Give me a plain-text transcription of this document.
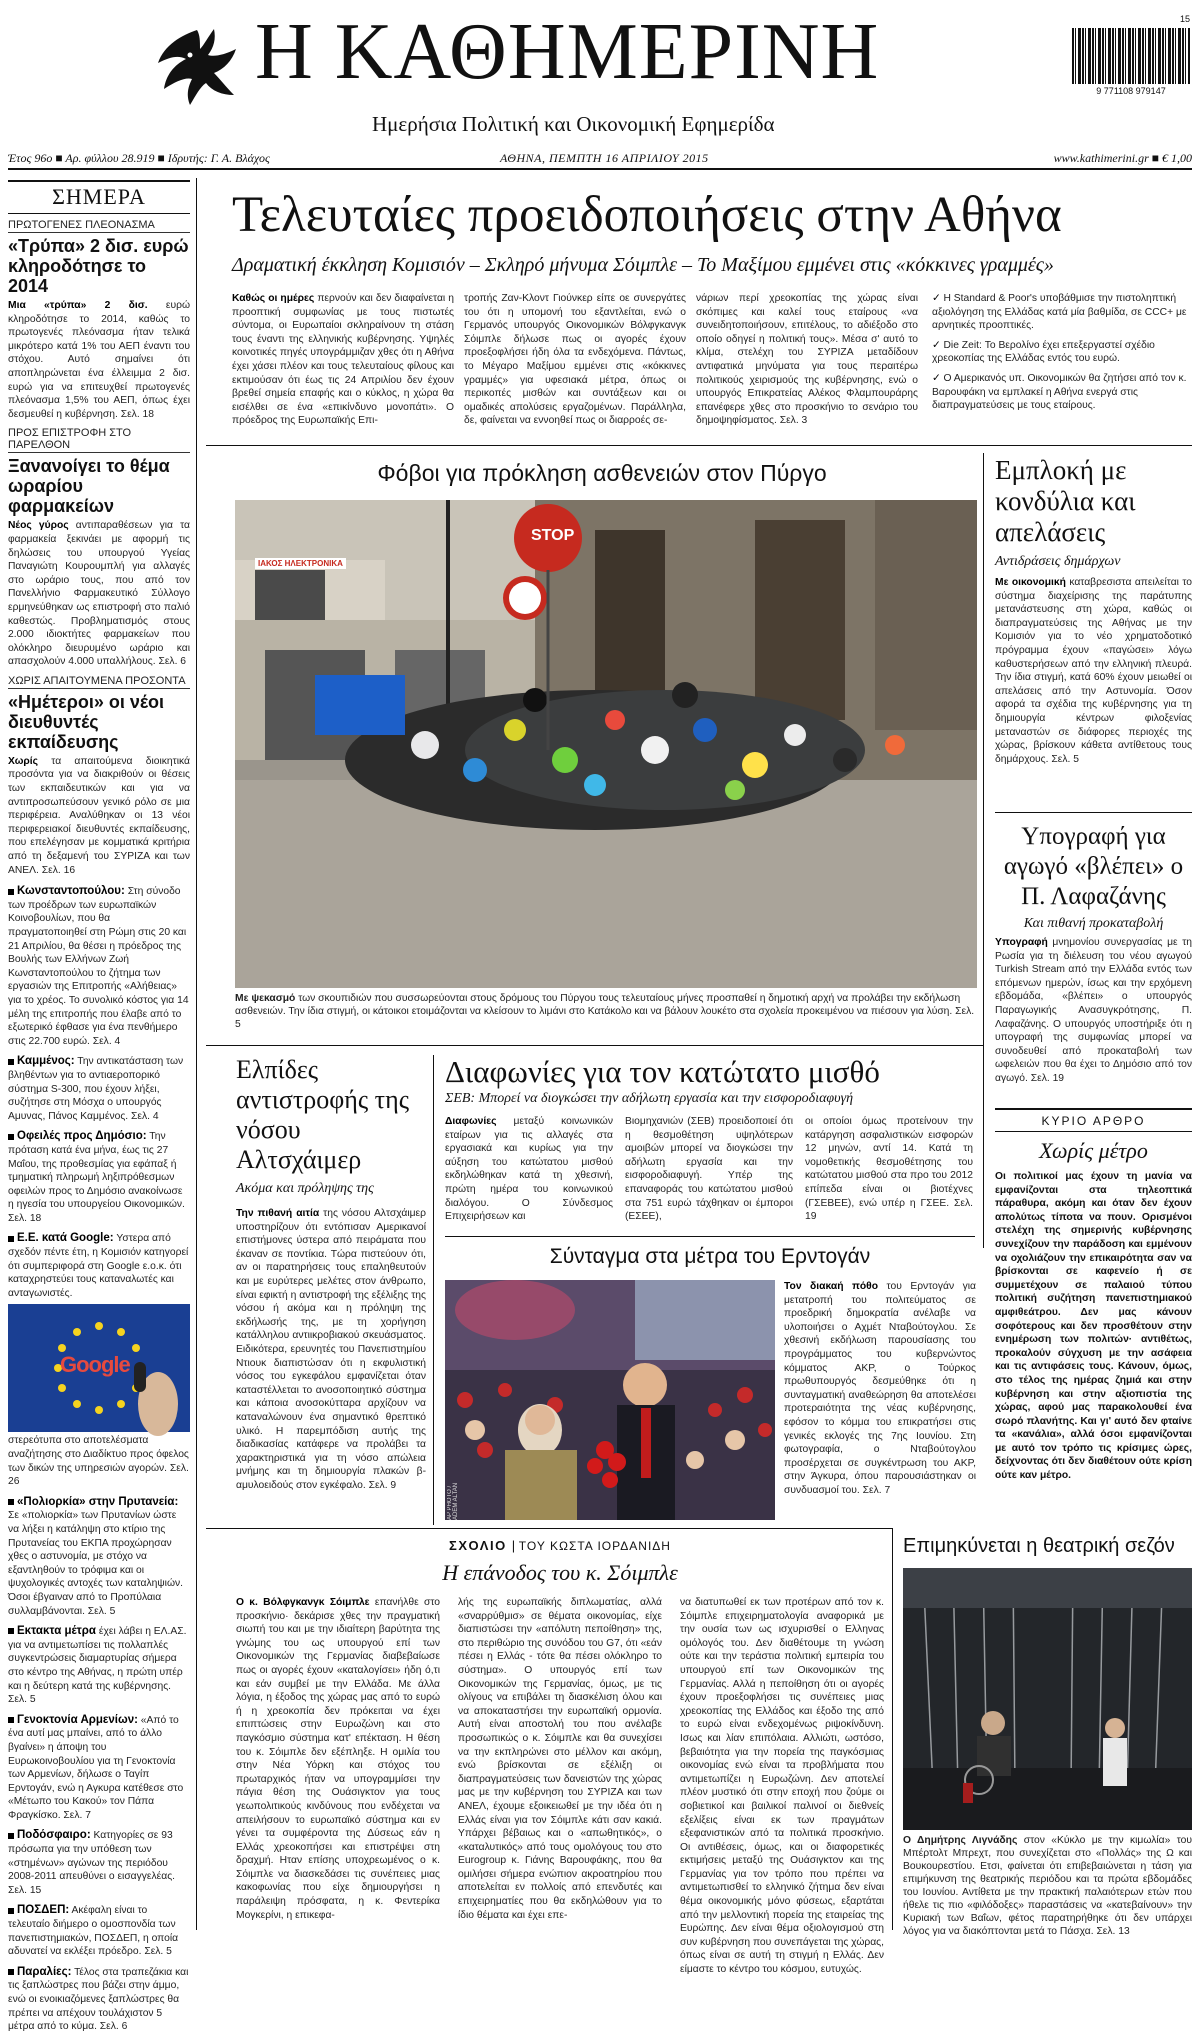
Η ΚΑΘΗΜΕΡΙΝΗ
Ημερήσια Πολιτική και Οικονομική Εφημερίδα
15
9 771108 979147
Έτος 96ο ■ Αρ. φύλλου 28.919 ■ Ιδρυτής: Γ. Α. Βλάχος	ΑΘΗΝΑ, ΠΕΜΠΤΗ 16 ΑΠΡΙΛΙΟΥ 2015	www.kathimerini.gr ■ € 1,00
ΣΗΜΕΡΑ
ΠΡΩΤΟΓΕΝΕΣ ΠΛΕΟΝΑΣΜΑ
«Τρύπα» 2 δισ. ευρώ κληροδότησε το 2014
Μια «τρύπα» 2 δισ. ευρώ κληροδότησε το 2014, καθώς το πρωτογενές πλεόνασμα ήταν τελικά μικρότερο κατά 1% του ΑΕΠ έναντι του στόχου. Αυτό σημαίνει ότι αποπληρώνεται ένα έλλειμμα 2 δισ. ευρώ για να επιτευχθεί πρωτογενές πλεόνασμα 1,5% του ΑΕΠ, όπως έχει δεσμευθεί η κυβέρνηση. Σελ. 18
ΠΡΟΣ ΕΠΙΣΤΡΟΦΗ ΣΤΟ ΠΑΡΕΛΘΟΝ
Ξανανοίγει το θέμα ωραρίου φαρμακείων
Νέος γύρος αντιπαραθέσεων για τα φαρμακεία ξεκινάει με αφορμή τις δηλώσεις του υπουργού Υγείας Παναγιώτη Κουρουμπλή για αλλαγές στο ωράριο τους, που από τον Πανελλήνιο Φαρμακευτικό Σύλλογο ερμηνεύθηκαν ως επιστροφή στο παλιό καθεστώς. Προβληματισμός στους 2.000 ιδιοκτήτες φαρμακείων που ολόκληρο διευρυμένο ωράριο και απασχολούν 4.000 υπαλλήλους. Σελ. 6
ΧΩΡΙΣ ΑΠΑΙΤΟΥΜΕΝΑ ΠΡΟΣΟΝΤΑ
«Ημέτεροι» οι νέοι διευθυντές εκπαίδευσης
Χωρίς τα απαιτούμενα διοικητικά προσόντα για να διακριθούν οι θέσεις των εκπαιδευτικών και για να αντιπροσωπεύσουν γενικό ρόλο σε μια περιφέρεια. Αναλύθηκαν οι 13 νέοι περιφερειακοί διευθυντές εκπαίδευσης, που επελέγησαν με κομματικά κριτήρια από τη δεξαμενή του ΣΥΡΙΖΑ και των ΑΝΕΛ. Σελ. 16
Κωνσταντοπούλου: Στη σύνοδο των προέδρων των ευρωπαϊκών Κοινοβουλίων, που θα πραγματοποιηθεί στη Ρώμη στις 20 και 21 Απριλίου, θα θέσει η πρόεδρος της Βουλής των Ελλήνων Ζωή Κωνσταντοπούλου το ζήτημα των εργασιών της Επιτροπής «Αλήθειας» για το χρέος. Το συνολικό κόστος για 14 μέλη της επιτροπής που έλαβε από το εξωτερικό έφθασε για ένα πενθήμερο στις 22.700 ευρώ. Σελ. 4
Καμμένος: Την αντικατάσταση των βληθέντων για το αντιαεροπορικό σύστημα S-300, που έχουν λήξει, συζήτησε στη Μόσχα ο υπουργός Αμυνας, Πάνος Καμμένος. Σελ. 4
Οφειλές προς Δημόσιο: Την πρόταση κατά ένα μήνα, έως τις 27 Μαΐου, της προθεσμίας για εφάπαξ ή τμηματική πληρωμή ληξιπρόθεσμων οφειλών προς το Δημόσιο ανακοίνωσε η ηγεσία του υπουργείου Οικονομικών. Σελ. 18
Ε.Ε. κατά Google: Υστερα από σχεδόν πέντε έτη, η Κομισιόν κατηγορεί ότι συμπεριφορά στη Google ε.ο.κ. ότι καταχρηστεύει τους καταναλωτές και ανταγωνιστές.
Google
στερεότυπα στο αποτελέσματα αναζήτησης στο Διαδίκτυο προς όφελος των δικών της υπηρεσιών αγορών. Σελ. 26
«Πολιορκία» στην Πρυτανεία: Σε «πολιορκία» των Πρυτανίων ώστε να λήξει η κατάληψη στο κτίριο της Πρυτανείας του ΕΚΠΑ προχώρησαν χθες ο αστυνομία, με στόχο να εξαντληθούν το τρόφιμα και οι ψυχολογικές αντοχές των καταληψιών. Όσοι έβγαιναν από το Προπύλαια συλλαμβάνονται. Σελ. 5
Εκτακτα μέτρα έχει λάβει η ΕΛ.ΑΣ. για να αντιμετωπίσει τις πολλαπλές συγκεντρώσεις διαμαρτυρίας σήμερα στο κέντρο της Αθήνας, η πρώτη υπέρ και η δεύτερη κατά της κυβέρνησης. Σελ. 5
Γενοκτονία Αρμενίων: «Από το ένα αυτί μας μπαίνει, από το άλλο βγαίνει» η άποψη του Ευρωκοινοβουλίου για τη Γενοκτονία των Αρμενίων, δήλωσε ο Ταγίπ Ερντογάν, ενώ η Αγκυρα κατέθεσε στο «Μέτωπο του Κακού» τον Πάπα Φραγκίσκο. Σελ. 7
Ποδόσφαιρο: Κατηγορίες σε 93 πρόσωπα για την υπόθεση των «στημένων» αγώνων της περιόδου 2008-2011 απευθύνει ο εισαγγελέας. Σελ. 15
ΠΟΣΔΕΠ: Ακέφαλη είναι το τελευταίο διήμερο ο ομοσπονδία των πανεπιστημιακών, ΠΟΣΔΕΠ, η οποία αδυνατεί να εκλέξει πρόεδρο. Σελ. 5
Παραλίες: Τέλος στα τραπεζάκια και τις ξαπλώστρες που βάζει στην άμμο, ενώ οι ενοικιαζόμενες ξαπλώστρες θα πρέπει να απέχουν τουλάχιστον 5 μέτρα από το κύμα. Σελ. 6
Τελευταίες προειδοποιήσεις στην Αθήνα
Δραματική έκκληση Κομισιόν – Σκληρό μήνυμα Σόιμπλε – Το Μαξίμου εμμένει στις «κόκκινες γραμμές»
Καθώς οι ημέρες περνούν και δεν διαφαίνεται η προοπτική συμφωνίας με τους πιστωτές σύντομα, οι Ευρωπαίοι σκληραίνουν τη στάση τους έναντι της ελληνικής κυβέρνησης. Υψηλές κοινοτικές πηγές υπογράμμιζαν χθες ότι η Αθήνα έχει χάσει πλέον και τους τελευταίους φίλους και εκτιμούσαν ότι έως τις 24 Απριλίου δεν έχουν βρεθεί σημεία επαφής και ο κύκλος, η χώρα θα εισέλθει σε ένα «επικίνδυνο μονοπάτι». Ο πρόεδρος της Ευρωπαϊκής Επι-
τροπής Ζαν-Κλοντ Γιούνκερ είπε οε συνεργάτες του ότι η υπομονή του εξαντλείται, ενώ ο Γερμανός υπουργός Οικονομικών Βόλφγκανγκ Σόιμπλε δήλωσε πως οι αγορές έχουν προεξοφλήσει ήδη όλα τα ενδεχόμενα. Πάντως, το Μέγαρο Μαξίμου εμμένει στις «κόκκινες γραμμές» για υφεσιακά μέτρα, όπως οι περικοπές μισθών και συντάξεων και οι ομαδικές απολύσεις εργαζομένων. Παράλληλα, δε, φαίνεται να εννοηθεί πως οι διαρροές σε-
νάριων περί χρεοκοπίας της χώρας είναι σκόπιμες και καλεί τους εταίρους «να συνειδητοποιήσουν, επιτέλους, το αδιέξοδο στο οποίο οδηγεί η πολιτική τους». Μέσα σ' αυτό το κλίμα, στελέχη του ΣΥΡΙΖΑ μεταδίδουν αντιφατικά μηνύματα για τους περαιτέρω πολιτικούς χειρισμούς της κυβέρνησης, ενώ ο υπουργός Επικρατείας Αλέκος Φλαμπουράρης επανέφερε χθες στο προσκήνιο το σενάριο του δημοψηφίσματος. Σελ. 3
✓ Η Standard & Poor's υποβάθμισε την πιστοληπτική αξιολόγηση της Ελλάδας κατά μία βαθμίδα, σε CCC+ με αρνητικές προοπτικές.
✓ Die Zeit: Το Βερολίνο έχει επεξεργαστεί σχέδιο χρεοκοπίας της Ελλάδας εντός του ευρώ.
✓ Ο Αμερικανός υπ. Οικονομικών θα ζητήσει από τον κ. Βαρουφάκη να εμπλακεί η Αθήνα ενεργά στις διαπραγματεύσεις με τους εταίρους.
Φόβοι για πρόκληση ασθενειών στον Πύργο
STOP
ΙΑΚΟΣ ΗΛΕΚΤΡΟΝΙΚΑ
Με ψεκασμό των σκουπιδιών που συσσωρεύονται στους δρόμους του Πύργου τους τελευταίους μήνες προσπαθεί η δημοτική αρχή να προλάβει την εκδήλωση ασθενειών. Την ίδια στιγμή, οι κάτοικοι ετοιμάζονται να κλείσουν το λιμάνι στο Κατάκολο και να βάλουν λουκέτο στα σχολεία προκειμένου να πιέσουν για λύση. Σελ. 5
Εμπλοκή με κονδύλια και απελάσεις
Αντιδράσεις δημάρχων
Με οικονομική καταβρεσιστα απειλείται το σύστημα διαχείρισης της παράτυπης μετανάστευσης στη χώρα, καθώς οι διαπραγματεύσεις της Αθήνας με την Κομισιόν για το νέο χρηματοδοτικό πρόγραμμα έχουν «παγώσει» λόγω καθυστερήσεων από την ελληνική πλευρά. Την ίδια στιγμή, κατά 60% έχουν μειωθεί οι απελάσεις από την Αστυνομία. Όσον αφορά τα σχέδια της κυβέρνησης για τη δημιουργία κέντρων φιλοξενίας μεταναστών σε διάφορες περιοχές της χώρας, βρίσκουν κάθετα αντίθετους τους δημάρχους. Σελ. 5
Υπογραφή για αγωγό «βλέπει» ο Π. Λαφαζάνης
Και πιθανή προκαταβολή
Υπογραφή μνημονίου συνεργασίας με τη Ρωσία για τη διέλευση του νέου αγωγού Turkish Stream από την Ελλάδα εντός των επόμενων ημερών, ίσως και την ερχόμενη εβδομάδα, «βλέπει» ο υπουργός Παραγωγικής Ανασυγκρότησης, Π. Λαφαζάνης. Ο υπουργός υποστήριξε ότι η υπογραφή της συμφωνίας μπορεί να συνοδευθεί από προκαταβολή των ωφελειών που θα έχει το Δημόσιο από τον αγωγό. Σελ. 19
ΚΥΡΙΟ ΑΡΘΡΟ
Χωρίς μέτρο
Οι πολιτικοί μας έχουν τη μανία να εμφανίζονται στα τηλεοπτικά πάραθυρα, ακόμη και όταν δεν έχουν απολύτως τίποτα να πουν. Ορισμένοι στελέχη της σημερινής κυβέρνησης συνεχίζουν την παράδοση και εμμένουν να οχολιάζουν την επικαιρότητα σαν να βρίσκονται σε καφενείο ή σε συμμετέχουν σε παλαιού τύπου πολιτική συζήτηση πανεπιστημιακού αμφιθεάτρου. Δεν μας κάνουν σοφότερους και δεν προσθέτουν στην ενημέρωση των πολιτών· αντιθέτως, προκαλούν σύγχυση με την ασάφεια και τις αντιφάσεις τους. Κάνουν, όμως, στο τέλος της ημέρας ζημιά και στην κυβέρνηση και στην αξιοπιστία της χώρας, αφού μας παρακολουθεί ένα σωρό πλανήτης. Και γι' αυτό δεν φταίνε τα «κανάλια», αλλά όσοι εμφανίζονται με αυτό τον τρόπο τις κρίσιμες ώρες, δείχνοντας ότι δεν διαθέτουν ούτε κρίση ούτε καν μέτρο.
Ελπίδες αντιστροφής της νόσου Αλτσχάιμερ
Ακόμα και πρόληψης της
Την πιθανή αιτία της νόσου Αλτσχάιμερ υποστηρίζουν ότι εντόπισαν Αμερικανοί επιστήμονες ύστερα από πειράματα που έκαναν σε ποντίκια. Τώρα πιστεύουν ότι, αν οι παρατηρήσεις τους επαληθευτούν και με ευρύτερες μελέτες στον άνθρωπο, είναι εφικτή η αντιστροφή της εξέλιξης της νόσου ή ακόμα και η πρόληψη της εκδήλωσής της, με τη χορήγηση κατάλληλου αντιικροβιακού σκευάσματος. Ειδικότερα, ερευνητές του Πανεπιστημίου Ντιουκ διαπιστώσαν ότι η εκφυλιστική νόσος του εγκεφάλου εμφανίζεται όταν καταστέλλεται το ανοσοποιητικό σύστημα και κάποια ανοσοκύτταρα αρχίζουν να καταναλώνουν ένα σημαντικό θρεπτικό υλικό. Η παρεμπόδιση αυτής της διαδικασίας κατάφερε να προλάβει τα χαρακτηριστικά για τη νόσο απώλεια μνήμης και τη δημιουργία πλακών β-αμυλοειδούς στον εγκέφαλο. Σελ. 9
Διαφωνίες για τον κατώτατο μισθό
ΣΕΒ: Μπορεί να διογκώσει την αδήλωτη εργασία και την εισφοροδιαφυγή
Διαφωνίες μεταξύ κοινωνικών εταίρων για τις αλλαγές στα εργασιακά και κυρίως για την αύξηση του κατώτατου μισθού εκδηλώθηκαν κατά τη χθεσινή, πρώτη ημέρα του κοινωνικού διαλόγου. Ο Σύνδεσμος Επιχειρήσεων και
Βιομηχανιών (ΣΕΒ) προειδοποιεί ότι η θεσμοθέτηση υψηλότερων αμοιβών μπορεί να διογκώσει την αδήλωτη εργασία και την εισφοροδιαφυγή. Υπέρ της επαναφοράς του κατώτατου μισθού στα 751 ευρώ τάχθηκαν οι έμποροι (ΕΣΕΕ),
οι οποίοι όμως προτείνουν την κατάργηση ασφαλιστικών εισφορών 12 μηνών, αντί 14. Κατά τη νομοθετικής θεσμοθέτησης του κατώτατου μισθού στα προ του 2012 επίπεδα είναι οι βιοτέχνες (ΓΣΕΒΕΕ), ενώ υπέρ η ΓΣΕΕ. Σελ. 19
Σύνταγμα στα μέτρα του Ερντογάν
AP PHOTO / ADEM ALTAN
Τον διακαή πόθο του Ερντογάν για μετατροπή του πολιτεύματος σε προεδρική δημοκρατία ανέλαβε να υλοποιήσει ο Αχμέτ Νταβούτογλου. Σε χθεσινή εκδήλωση παρουσίασης του προγράμματος του κυβερνώντος κόμματος ΑΚΡ, ο Τούρκος πρωθυπουργός δεσμεύθηκε ότι η συνταγματική αναθεώρηση θα αποτελέσει προτεραιότητα της νέας κυβέρνησης, εφόσον το κόμμα του επικρατήσει στις γενικές εκλογές της 7ης Ιουνίου. Στη φωτογραφία, ο Νταβούτογλου προσέρχεται σε συγκέντρωση του ΑΚΡ, στην Άγκυρα, όπου παρουσιάστηκαν οι συνδυασμοί του. Σελ. 7
ΣΧΟΛΙΟ | ΤΟΥ ΚΩΣΤΑ ΙΟΡΔΑΝΙΔΗ
Η επάνοδος του κ. Σόιμπλε
Ο κ. Βόλφγκανγκ Σόιμπλε επανήλθε στο προσκήνιο· δεκάρισε χθες την πραγματική σιωπή του και με την ιδιαίτερη βαρύτητα της γνώμης του ως υπουργού επί των Οικονομικών της Γερμανίας διαβεβαίωσε πως οι αγορές έχουν «καταλογίσει» ήδη ό,τι και εάν συμβεί με την Ελλάδα. Με άλλα λόγια, η έξοδος της χώρας μας από το ευρώ ή η χρεοκοπία δεν πρόκειται να έχει επιπτώσεις στην Ευρωζώνη και στο παγκόσμιο σύστημα κατ' επέκταση. Η θέση του κ. Σόιμπλε δεν εξέπληξε. Η ομιλία του στην Νέα Υόρκη και στόχος του πρωταρχικός ήταν να υπογραμμίσει την πάγια θέση της Ουάσιγκτον για τους γεωπολιτικούς κινδύνους που ενδέχεται να απειλήσουν το ευρωπαϊκό σύστημα και εν γένει τα συμφέροντα της Δύσεως εάν η Ελλάς χρεοκοπήσει και επιστρέψει στη δραχμή. Ηταν επίσης υποχρεωμένος ο κ. Σόιμπλε να διασκεδάσει τις συνέπειες μιας κακοφωνίας που είχε δημιουργήσει η παράλειψη πρόσφατα, η κ. Φεντερίκα Μογκερίνι, η επικεφα-
λής της ευρωπαϊκής διπλωματίας, αλλά «σναρρύθμισ» σε θέματα οικονομίας, είχε διαπιστώσει την «απόλυτη πεποίθηση» της, στο περιθώριο της συνόδου του G7, ότι «εάν πέσει η Ελλάς - τότε θα πέσει ολόκληρο το σύστημα». Ο υπουργός επί των Οικονομικών της Γερμανίας, όμως, με τις ολίγους να επιβάλει τη διασκέλιση όλου και να αποκαταστήσει την ευρωπαϊκή ορμονία. Αυτή είναι αποστολή του που ανέλαβε προσωπικώς ο κ. Σόιμπλε και θα συνεχίσει να την εκπληρώνει στο μέλλον και ακόμη, ενώ βρίσκονται σε εξέλιξη οι διαπραγματεύσεις των δανειστών της χώρας μας με την κυβέρνηση του ΣΥΡΙΖΑ και των ΑΝΕΛ, έχουμε εξοικειωθεί με την ιδέα ότι η Ελλάς είναι για τον Σόιμπλε κάτι σαν κακιά. Υπάρχει βέβαιως και ο «απωθητικός», ο «καταλυτικός» από τους ομολόγους του στο Eurogroup κ. Γιάνης Βαρουφάκης, που θα ομιλήσει σήμερα ενώπιον ακροατηρίου που αποτελείται εν πολλοίς από επενδυτές και επιχειρηματίες που θα εκδηλώθουν για το ίδιο θέματα και έχει επε-
να διατυπωθεί εκ των προτέρων από τον κ. Σόιμπλε επιχειρηματολογία αναφορικά με την ουσία των ως ισχυρισθεί ο Ελληνας ομόλογός του. Δεν διαθέτουμε τη γνώση ούτε και την τεράστια πολιτική εμπειρία του υπουργού επί των Οικονομικών της Γερμανίας. Αλλά η πεποίθηση ότι οι αγορές έχουν προεξοφλήσει τις συνέπειες μιας χρεοκοπίας της Ελλάδος και έξοδο της από το ευρώ είναι ενδεχομένως ριψοκίνδυνη. Ισως και λίαν επιπόλαια. Αλλιώτι, ωστόσο, βεβαιότητα για την πορεία της παγκόσμιας οικονομίας ενώ είναι τα προβλήματα που αντιμετωπίζει η Ευρωζώνη. Δεν αποτελεί πλέον μυστικό ότι στην εποχή που ζούμε οι σοβιετικοί και βαιλικοί παλινοί οι διεθνείς εξελίξεις είναι εκ των πραγμάτων εξεφανιστικών από τα πολιτικά προσκήνιο. Οι αντιθέσεις, όμως, και οι διαφορετικές εκτιμήσεις μεταξύ της Ουάσιγκτον και της Γερμανίας για τον τρόπο που πρέπει να αντιμετωπισθεί το ελληνικό ζήτημα δεν είναι θέμα οικονομικής μόνο φύσεως, εξαρτάται από την μελλοντική πορεία της εταιρείας της Ευρώπης. Δεν είναι θέμα οξιολογισμού στη συν κυβέρνηση που συνεπάγεται της χώρας, όπως είναι σε αυτή τη στιγμή η Ελλάς. Δεν είμαστε το κέντρο του κόσμου, ευτυχώς.
Επιμηκύνεται η θεατρική σεζόν
Ο Δημήτρης Λιγνάδης στον «Κύκλο με την κιμωλία» του Μπέρτολτ Μπρεχτ, που συνεχίζεται στο «Πολλάς» της Ω και Βουκουρεστίου. Ετσι, φαίνεται ότι επιβεβαιώνεται η τάση για επιμήκυνση της θεατρικής περιόδου και τα πρώτα εβδομάδες του Ιουνίου. Αντίθετα με την πρακτική παλαιότερων ετών που ήθελε τις πιο «φιλόδοξες» παραστάσεις να «κατεβαίνουν» την Κυριακή των Βαΐων, φέτος παρατηρήθηκε ότι δεν υπάρχει λόγος για να διακόπτονται μετά το Πάσχα. Σελ. 13
